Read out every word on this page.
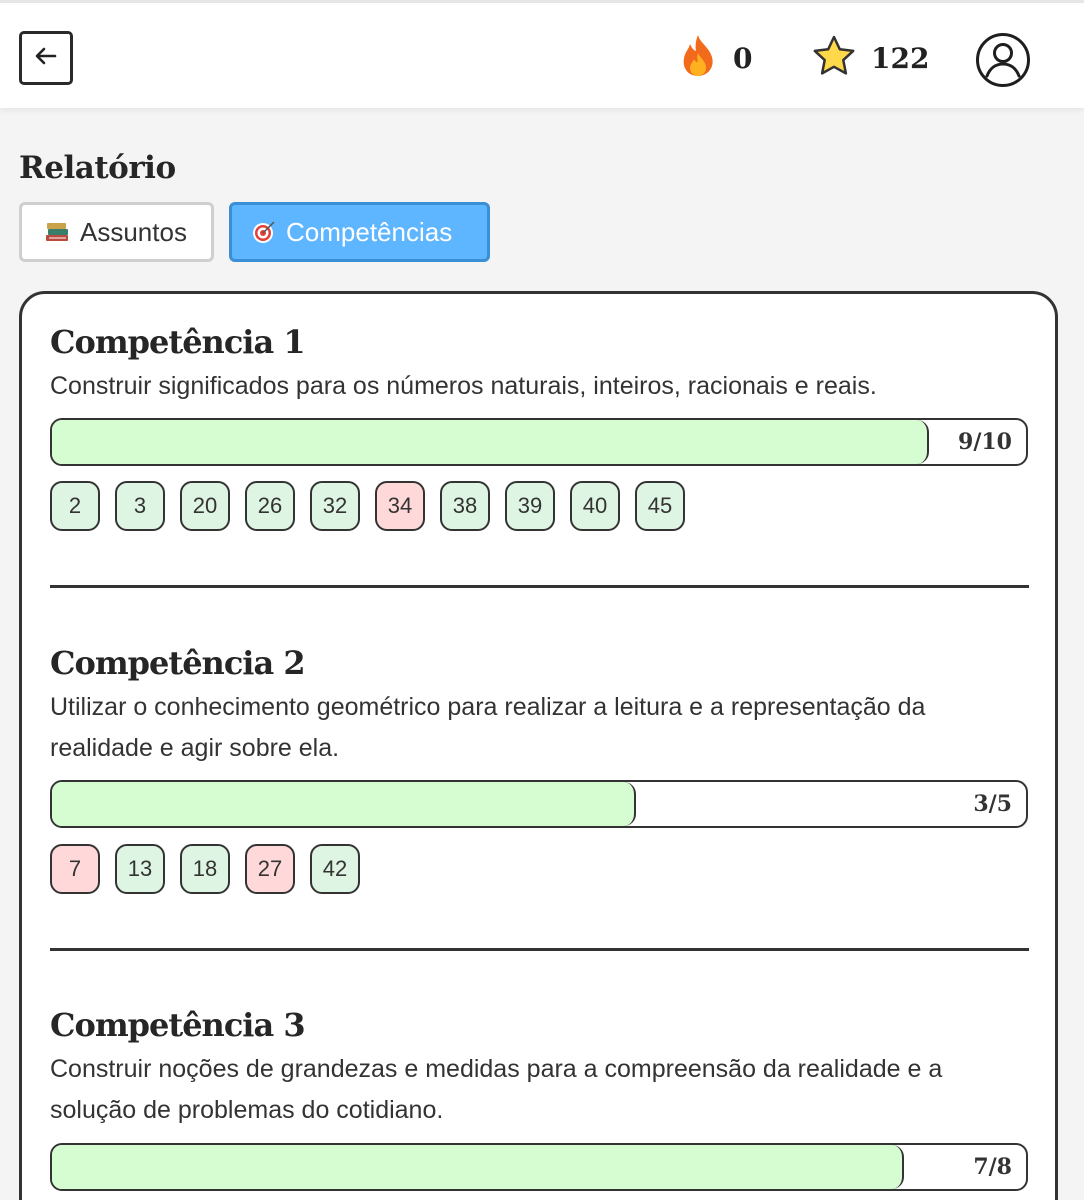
0	122
Relatório
Assuntos	Competências
Competência 1

Construir significados para os números naturais, inteiros, racionais e reais.

9/10
2	3	20	26	32	34	38	39	40	45
Competência 2

Utilizar o conhecimento geométrico para realizar a leitura e a representação da realidade e agir sobre ela.

3/5
7	13	18	27	42
Competência 3

Construir noções de grandezas e medidas para a compreensão da realidade e a solução de problemas do cotidiano.

7/8
